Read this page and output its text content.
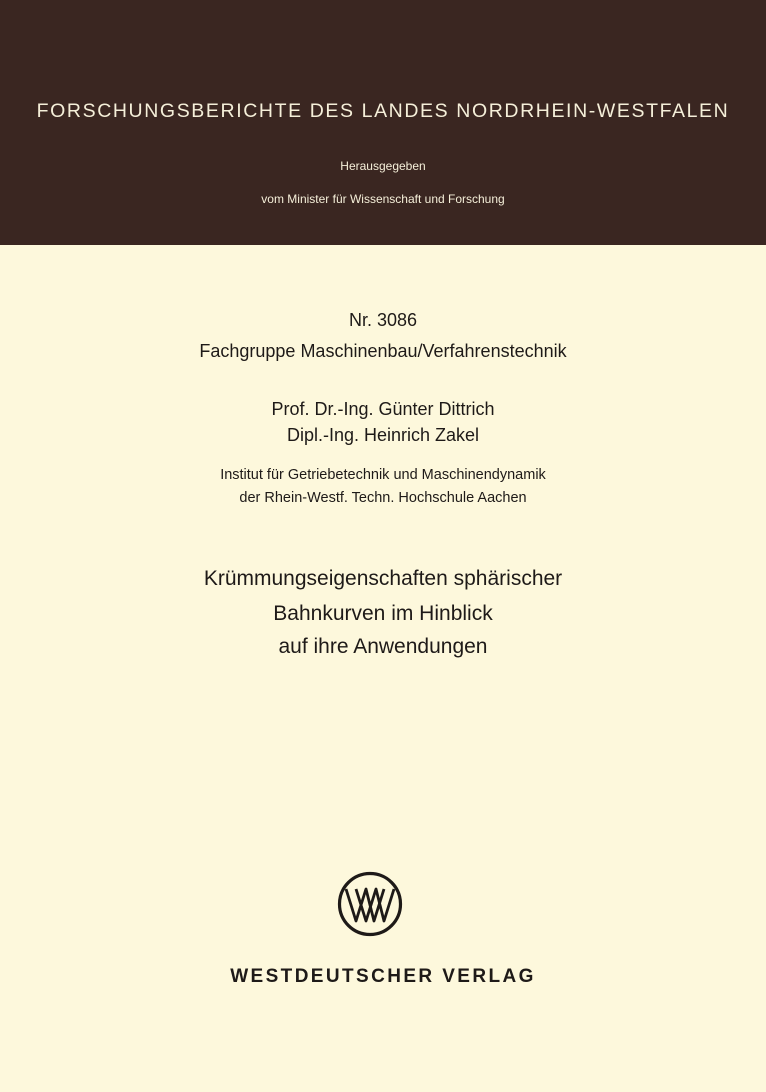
FORSCHUNGSBERICHTE DES LANDES NORDRHEIN-WESTFALEN
Herausgegeben
vom Minister für Wissenschaft und Forschung
Nr. 3086
Fachgruppe Maschinenbau/Verfahrenstechnik
Prof. Dr.-Ing. Günter Dittrich
Dipl.-Ing. Heinrich Zakel
Institut für Getriebetechnik und Maschinendynamik
der Rhein-Westf. Techn. Hochschule Aachen
Krümmungseigenschaften sphärischer
Bahnkurven im Hinblick
auf ihre Anwendungen
WESTDEUTSCHER VERLAG
